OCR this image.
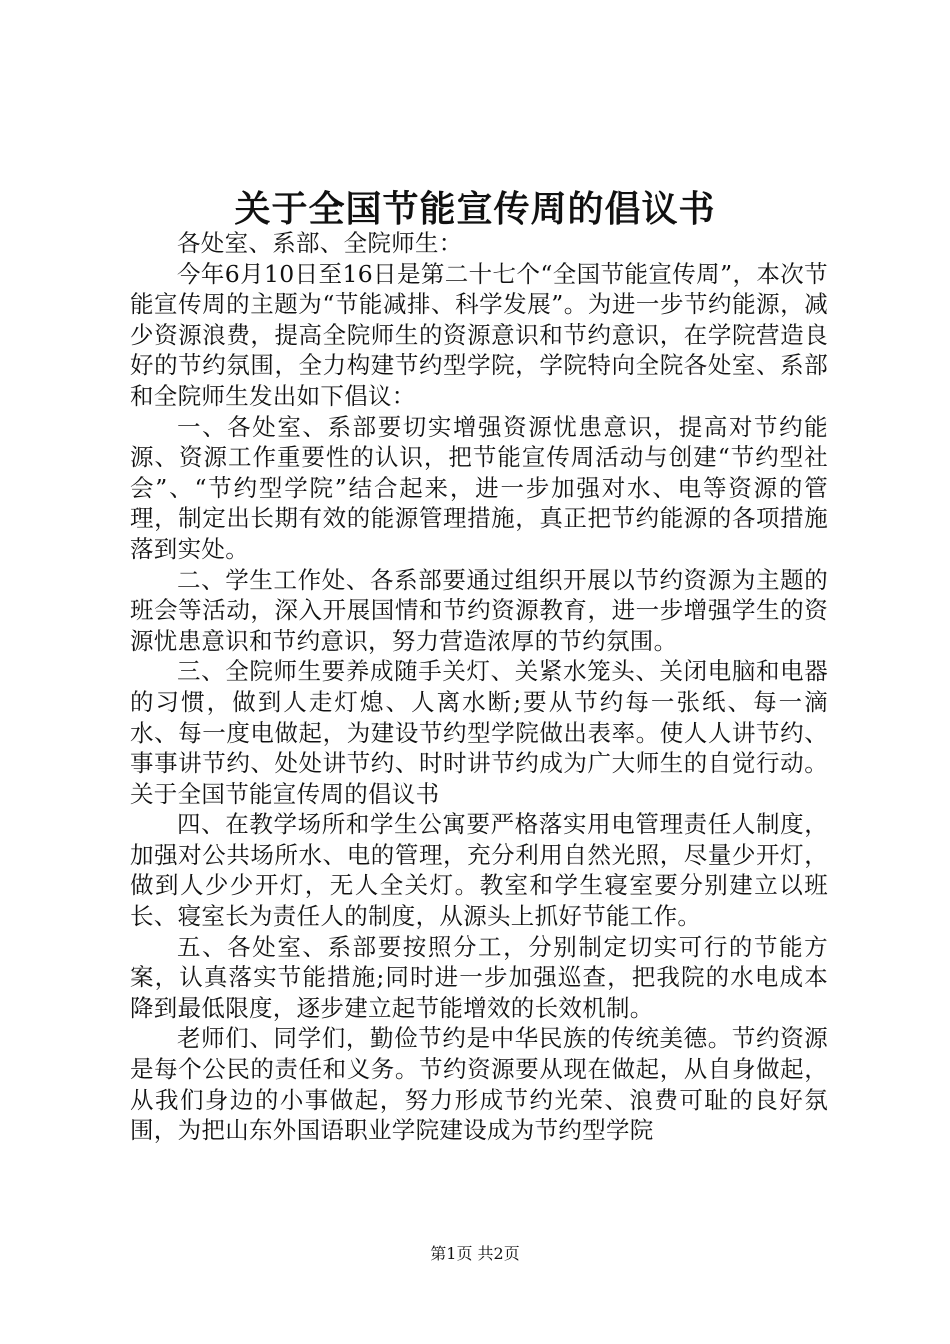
关于全国节能宣传周的倡议书

各处室、系部、全院师生：

今年6月10日至16日是第二十七个“全国节能宣传周”，本次节能宣传周的主题为“节能减排、科学发展”。为进一步节约能源，减少资源浪费，提高全院师生的资源意识和节约意识，在学院营造良好的节约氛围，全力构建节约型学院，学院特向全院各处室、系部和全院师生发出如下倡议：

一、各处室、系部要切实增强资源忧患意识，提高对节约能源、资源工作重要性的认识，把节能宣传周活动与创建“节约型社会”、“节约型学院”结合起来，进一步加强对水、电等资源的管理，制定出长期有效的能源管理措施，真正把节约能源的各项措施落到实处。

二、学生工作处、各系部要通过组织开展以节约资源为主题的班会等活动，深入开展国情和节约资源教育，进一步增强学生的资源忧患意识和节约意识，努力营造浓厚的节约氛围。

三、全院师生要养成随手关灯、关紧水笼头、关闭电脑和电器的习惯，做到人走灯熄、人离水断;要从节约每一张纸、每一滴水、每一度电做起，为建设节约型学院做出表率。使人人讲节约、事事讲节约、处处讲节约、时时讲节约成为广大师生的自觉行动。关于全国节能宣传周的倡议书

四、在教学场所和学生公寓要严格落实用电管理责任人制度，加强对公共场所水、电的管理，充分利用自然光照，尽量少开灯，做到人少少开灯，无人全关灯。教室和学生寝室要分别建立以班长、寝室长为责任人的制度，从源头上抓好节能工作。

五、各处室、系部要按照分工，分别制定切实可行的节能方案，认真落实节能措施;同时进一步加强巡查，把我院的水电成本降到最低限度，逐步建立起节能增效的长效机制。

老师们、同学们，勤俭节约是中华民族的传统美德。节约资源是每个公民的责任和义务。节约资源要从现在做起，从自身做起，从我们身边的小事做起，努力形成节约光荣、浪费可耻的良好氛围，为把山东外国语职业学院建设成为节约型学院

第1页 共2页
